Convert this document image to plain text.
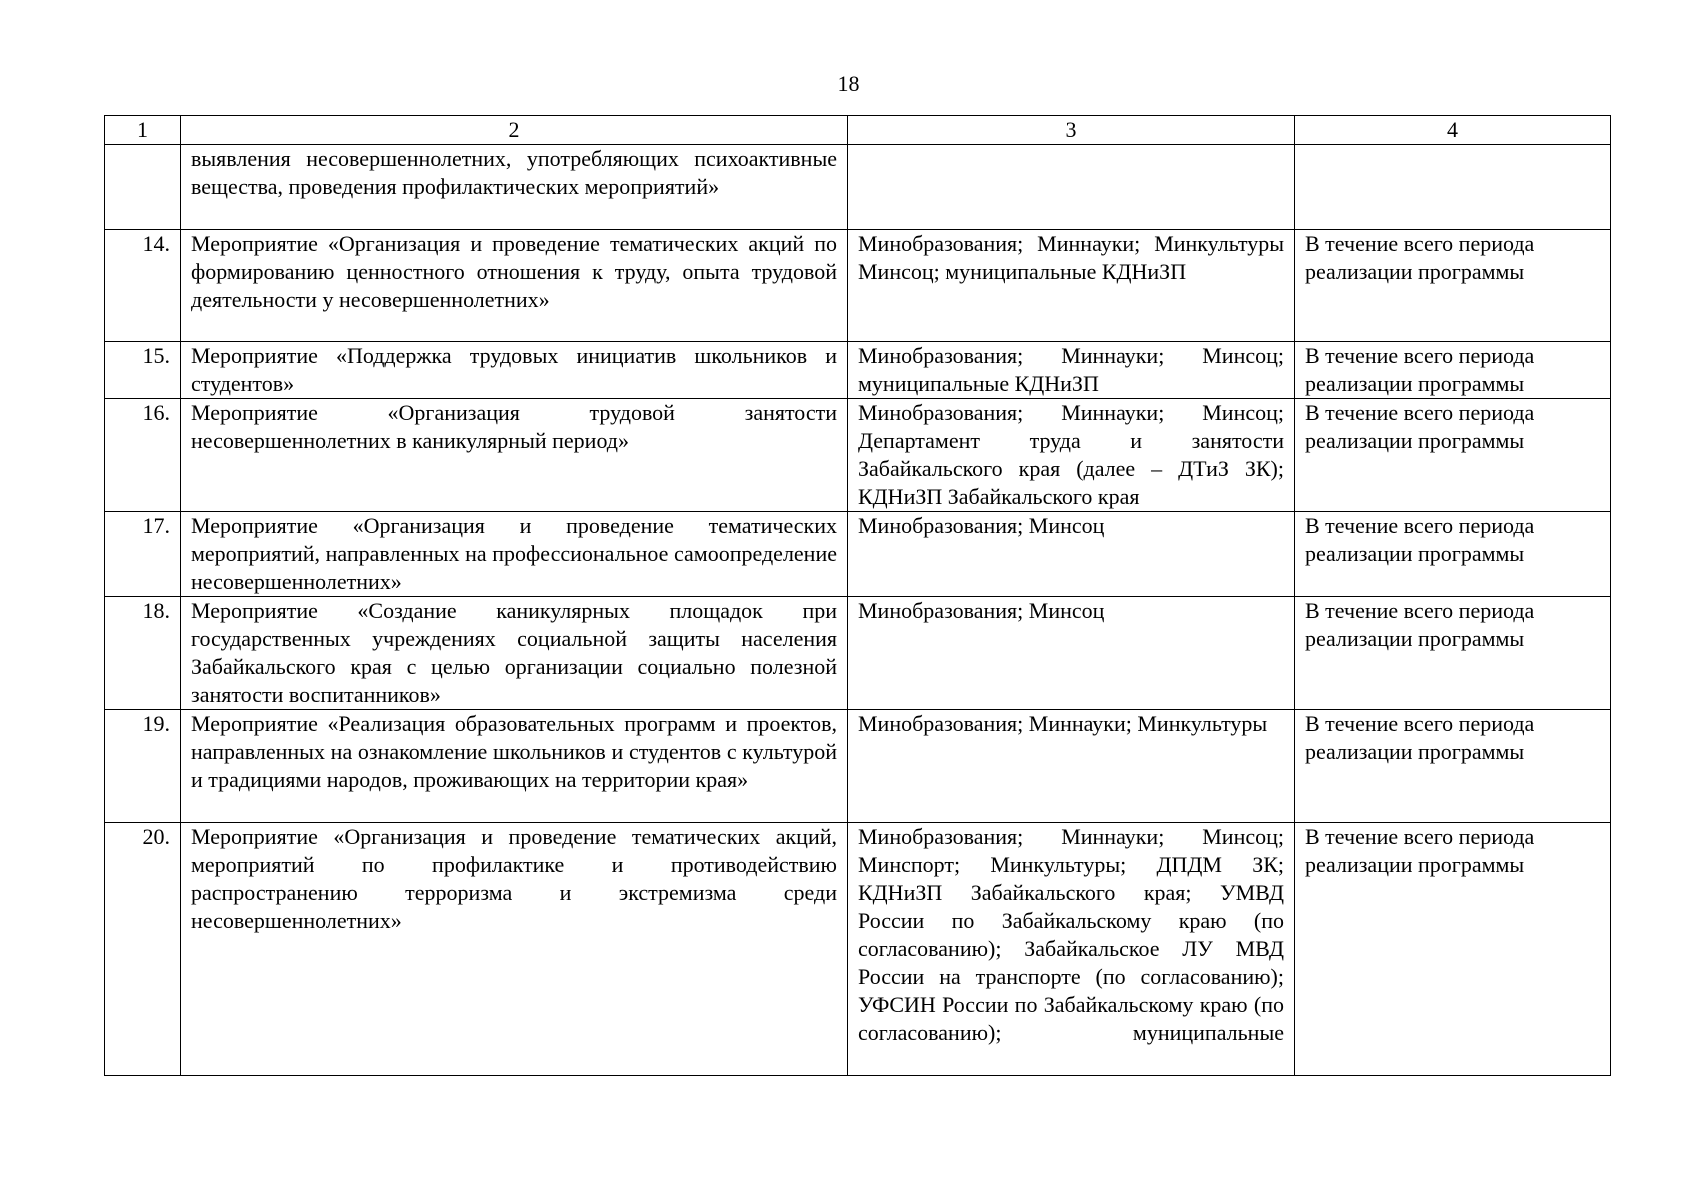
18
1	2	3	4
	выявления несовершеннолетних, употребляющих психоактивные вещества, проведения профилактических мероприятий»		
14.	Мероприятие «Организация и проведение тематических акций по формированию ценностного отношения к труду, опыта трудовой деятельности у несовершеннолетних»	Минобразования; Миннауки; Минкультуры Минсоц; муниципальные КДНиЗП	В течение всего периода реализации программы
15.	Мероприятие «Поддержка трудовых инициатив школьников и студентов»	Минобразования; Миннауки; Минсоц; муниципальные КДНиЗП	В течение всего периода реализации программы
16.	Мероприятие «Организация трудовой занятости несовершеннолетних в каникулярный период»	Минобразования; Миннауки; Минсоц; Департамент труда и занятости Забайкальского края (далее – ДТиЗ ЗК); КДНиЗП Забайкальского края	В течение всего периода реализации программы
17.	Мероприятие «Организация и проведение тематических мероприятий, направленных на профессиональное самоопределение несовершеннолетних»	Минобразования; Минсоц	В течение всего периода реализации программы
18.	Мероприятие «Создание каникулярных площадок при государственных учреждениях социальной защиты населения Забайкальского края с целью организации социально полезной занятости воспитанников»	Минобразования; Минсоц	В течение всего периода реализации программы
19.	Мероприятие «Реализация образовательных программ и проектов, направленных на ознакомление школьников и студентов с культурой и традициями народов, проживающих на территории края»	Минобразования; Миннауки; Минкультуры	В течение всего периода реализации программы
20.	Мероприятие «Организация и проведение тематических акций, мероприятий по профилактике и противодействию распространению терроризма и экстремизма среди несовершеннолетних»	Минобразования; Миннауки; Минсоц; Минспорт; Минкультуры; ДПДМ ЗК; КДНиЗП Забайкальского края; УМВД России по Забайкальскому краю (по согласованию); Забайкальское ЛУ МВД России на транспорте (по согласованию); УФСИН России по Забайкальскому краю (по согласованию); муниципальные	В течение всего периода реализации программы
